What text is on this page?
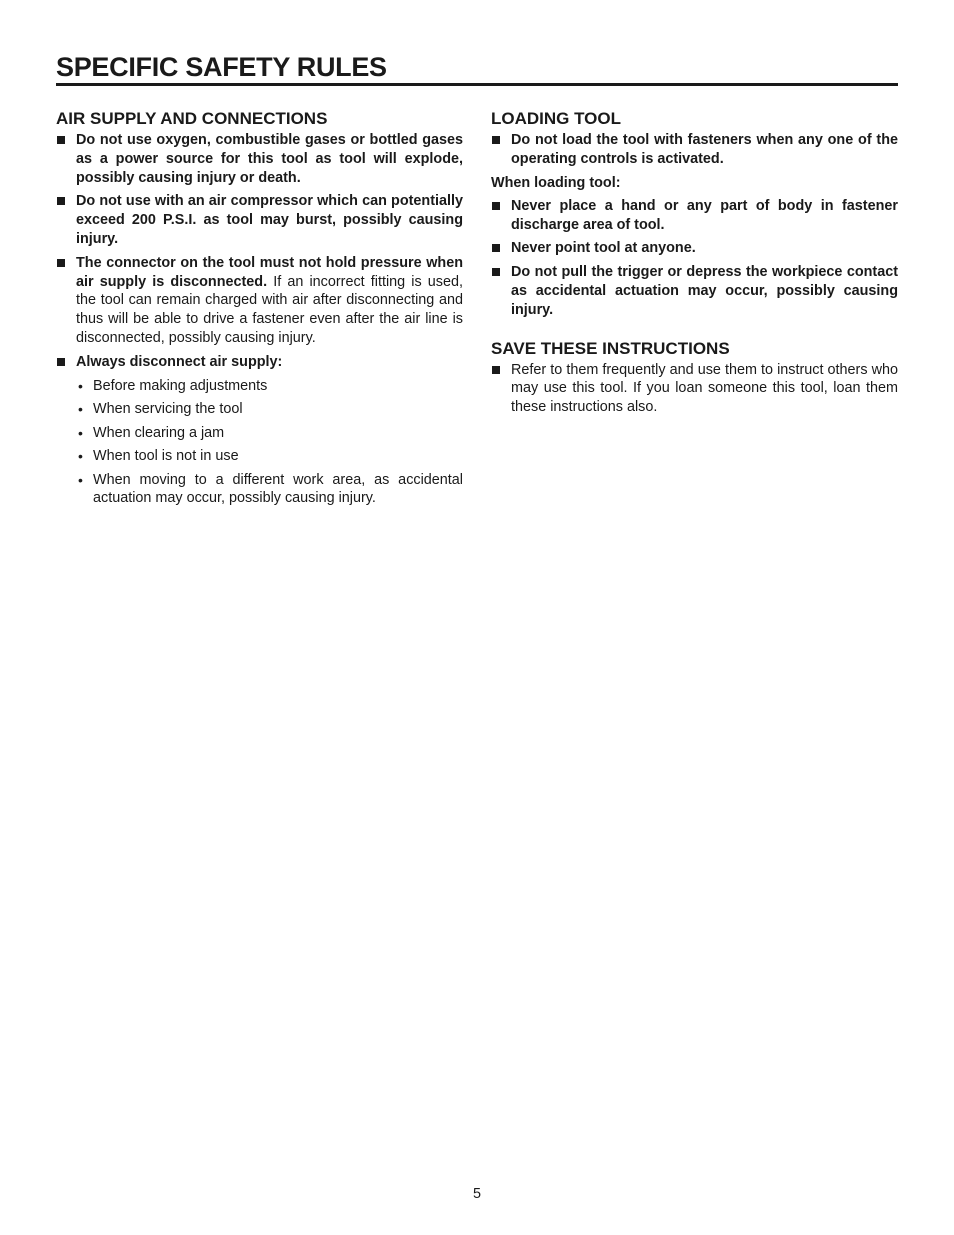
SPECIFIC SAFETY RULES
AIR SUPPLY AND CONNECTIONS
Do not use oxygen, combustible gases or bottled gases as a power source for this tool as tool will explode, possibly causing injury or death.
Do not use with an air compressor which can potentially exceed 200 P.S.I. as tool may burst, possibly causing injury.
The connector on the tool must not hold pressure when air supply is disconnected. If an incorrect fitting is used, the tool can remain charged with air after disconnecting and thus will be able to drive a fastener even after the air line is disconnected, possibly causing injury.
Always disconnect air supply:
• Before making adjustments
• When servicing the tool
• When clearing a jam
• When tool is not in use
• When moving to a different work area, as accidental actuation may occur, possibly causing injury.
LOADING TOOL
Do not load the tool with fasteners when any one of the operating controls is activated.
When loading tool:
Never place a hand or any part of body in fastener discharge area of tool.
Never point tool at anyone.
Do not pull the trigger or depress the workpiece contact as accidental actuation may occur, possibly causing injury.
SAVE THESE INSTRUCTIONS
Refer to them frequently and use them to instruct others who may use this tool. If you loan someone this tool, loan them these instructions also.
5
